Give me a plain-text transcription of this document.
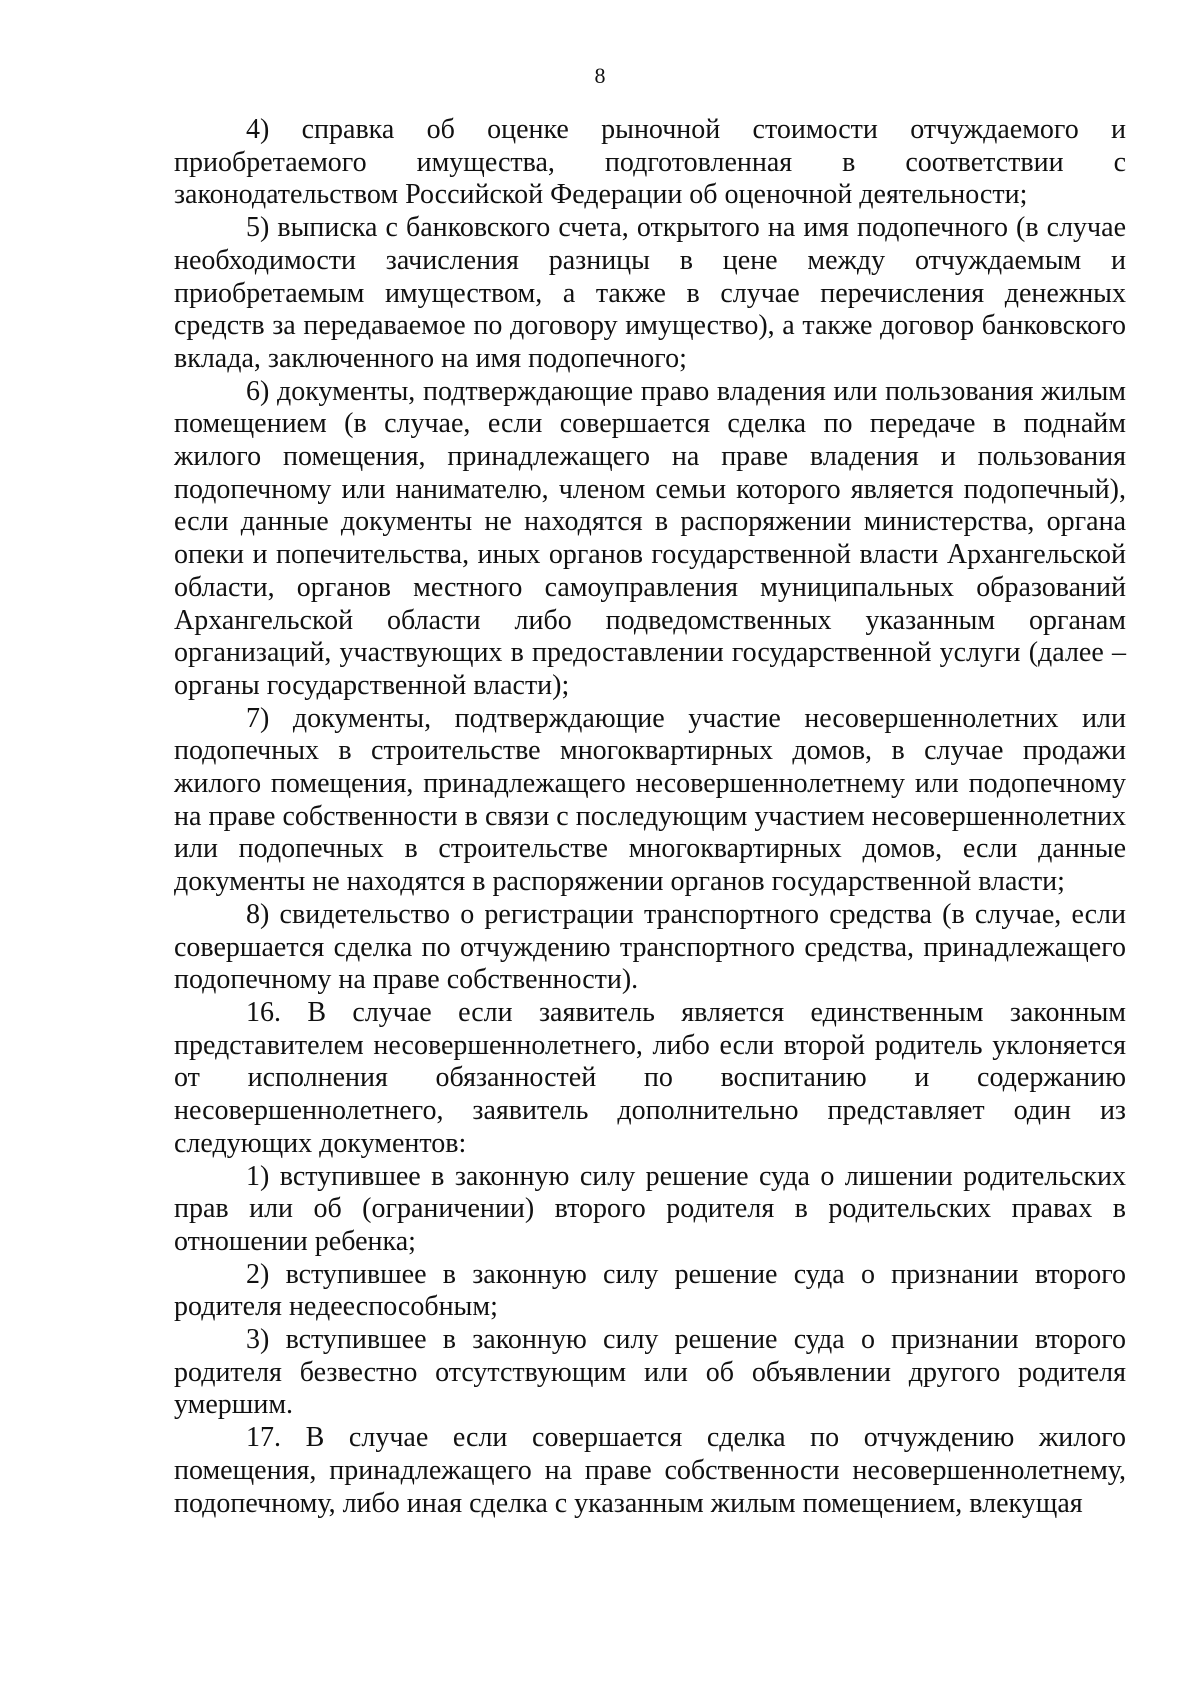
8

4) справка об оценке рыночной стоимости отчуждаемого и приобретаемого имущества, подготовленная в соответствии с законодательством Российской Федерации об оценочной деятельности;

5) выписка с банковского счета, открытого на имя подопечного (в случае необходимости зачисления разницы в цене между отчуждаемым и приобретаемым имуществом, а также в случае перечисления денежных средств за передаваемое по договору имущество), а также договор банковского вклада, заключенного на имя подопечного;

6) документы, подтверждающие право владения или пользования жилым помещением (в случае, если совершается сделка по передаче в поднайм жилого помещения, принадлежащего на праве владения и пользования подопечному или нанимателю, членом семьи которого является подопечный), если данные документы не находятся в распоряжении министерства, органа опеки и попечительства, иных органов государственной власти Архангельской области, органов местного самоуправления муниципальных образований Архангельской области либо подведомственных указанным органам организаций, участвующих в предоставлении государственной услуги (далее – органы государственной власти);

7) документы, подтверждающие участие несовершеннолетних или подопечных в строительстве многоквартирных домов, в случае продажи жилого помещения, принадлежащего несовершеннолетнему или подопечному на праве собственности в связи с последующим участием несовершеннолетних или подопечных в строительстве многоквартирных домов, если данные документы не находятся в распоряжении органов государственной власти;

8) свидетельство о регистрации транспортного средства (в случае, если совершается сделка по отчуждению транспортного средства, принадлежащего подопечному на праве собственности).

16. В случае если заявитель является единственным законным представителем несовершеннолетнего, либо если второй родитель уклоняется от исполнения обязанностей по воспитанию и содержанию несовершеннолетнего, заявитель дополнительно представляет один из следующих документов:

1) вступившее в законную силу решение суда о лишении родительских прав или об (ограничении) второго родителя в родительских правах в отношении ребенка;

2) вступившее в законную силу решение суда о признании второго родителя недееспособным;

3) вступившее в законную силу решение суда о признании второго родителя безвестно отсутствующим или об объявлении другого родителя умершим.

17. В случае если совершается сделка по отчуждению жилого помещения, принадлежащего на праве собственности несовершеннолетнему, подопечному, либо иная сделка с указанным жилым помещением, влекущая
